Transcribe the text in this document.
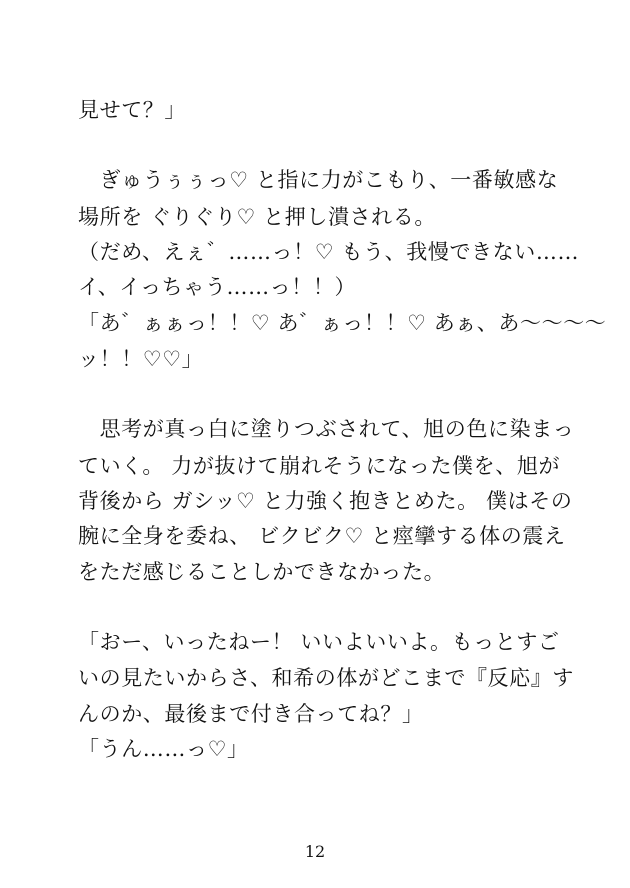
見せて？」
　ぎゅうぅぅっ♡ と指に力がこもり、一番敏感な
場所を ぐりぐり♡ と押し潰される。
（だめ、えぇ゛……っ！♡ もう、我慢できない……
イ、イっちゃう……っ！！）
「あ゛ぁぁっ！！♡ あ゛ぁっ！！♡ あぁ、あ〜〜〜〜
ッ！！♡♡」
　思考が真っ白に塗りつぶされて、旭の色に染まっ
ていく。 力が抜けて崩れそうになった僕を、旭が
背後から ガシッ♡ と力強く抱きとめた。 僕はその
腕に全身を委ね、 ビクビク♡ と痙攣する体の震え
をただ感じることしかできなかった。
「おー、いったねー！ いいよいいよ。もっとすご
いの見たいからさ、和希の体がどこまで『反応』す
んのか、最後まで付き合ってね？」
「うん……っ♡」
12
